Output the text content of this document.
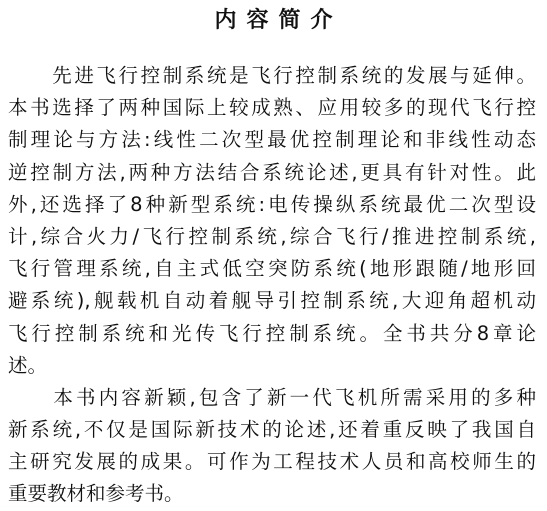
内容简介
　　先进飞行控制系统是飞行控制系统的发展与延伸。
本书选择了两种国际上较成熟、应用较多的现代飞行控
制理论与方法:线性二次型最优控制理论和非线性动态
逆控制方法,两种方法结合系统论述,更具有针对性。此
外,还选择了8种新型系统:电传操纵系统最优二次型设
计,综合火力/飞行控制系统,综合飞行/推进控制系统,
飞行管理系统,自主式低空突防系统(地形跟随/地形回
避系统),舰载机自动着舰导引控制系统,大迎角超机动
飞行控制系统和光传飞行控制系统。全书共分8章论
述。
　　本书内容新颖,包含了新一代飞机所需采用的多种
新系统,不仅是国际新技术的论述,还着重反映了我国自
主研究发展的成果。可作为工程技术人员和高校师生的
重要教材和参考书。
